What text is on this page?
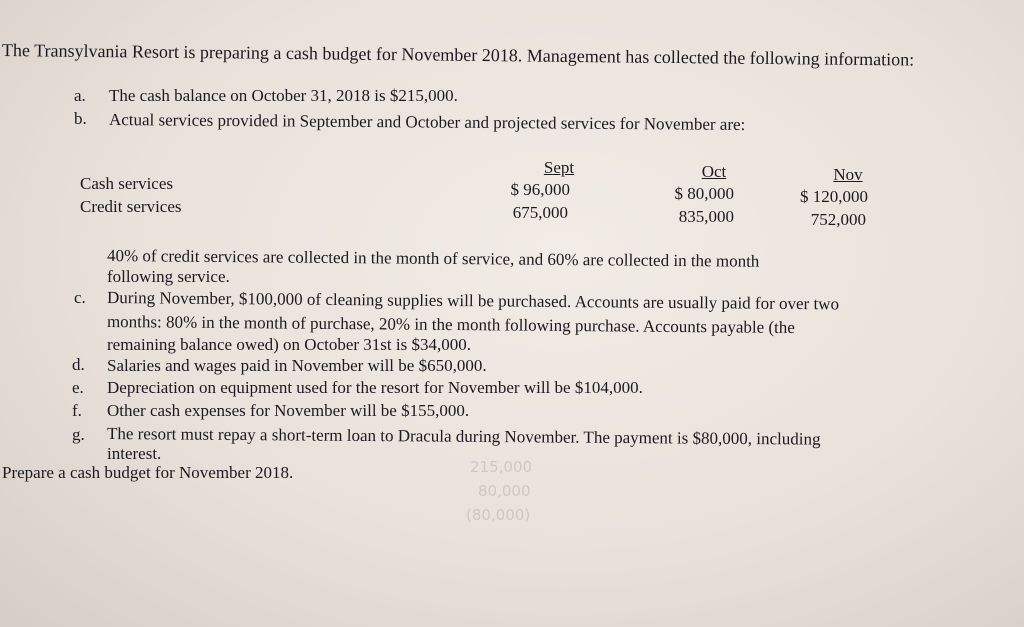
The Transylvania Resort is preparing a cash budget for November 2018. Management has collected the following information:
a. The cash balance on October 31, 2018 is $215,000.
b. Actual services provided in September and October and projected services for November are:
Cash services
Credit services
Sept
$ 96,000
675,000
Oct
$ 80,000
835,000
Nov
$ 120,000
752,000
40% of credit services are collected in the month of service, and 60% are collected in the month
following service.
c. During November, $100,000 of cleaning supplies will be purchased. Accounts are usually paid for over two
months: 80% in the month of purchase, 20% in the month following purchase. Accounts payable (the
remaining balance owed) on October 31st is $34,000.
d. Salaries and wages paid in November will be $650,000.
e. Depreciation on equipment used for the resort for November will be $104,000.
f. Other cash expenses for November will be $155,000.
g. The resort must repay a short-term loan to Dracula during November. The payment is $80,000, including
interest.
Prepare a cash budget for November 2018.	215,000
80,000
(80,000)
